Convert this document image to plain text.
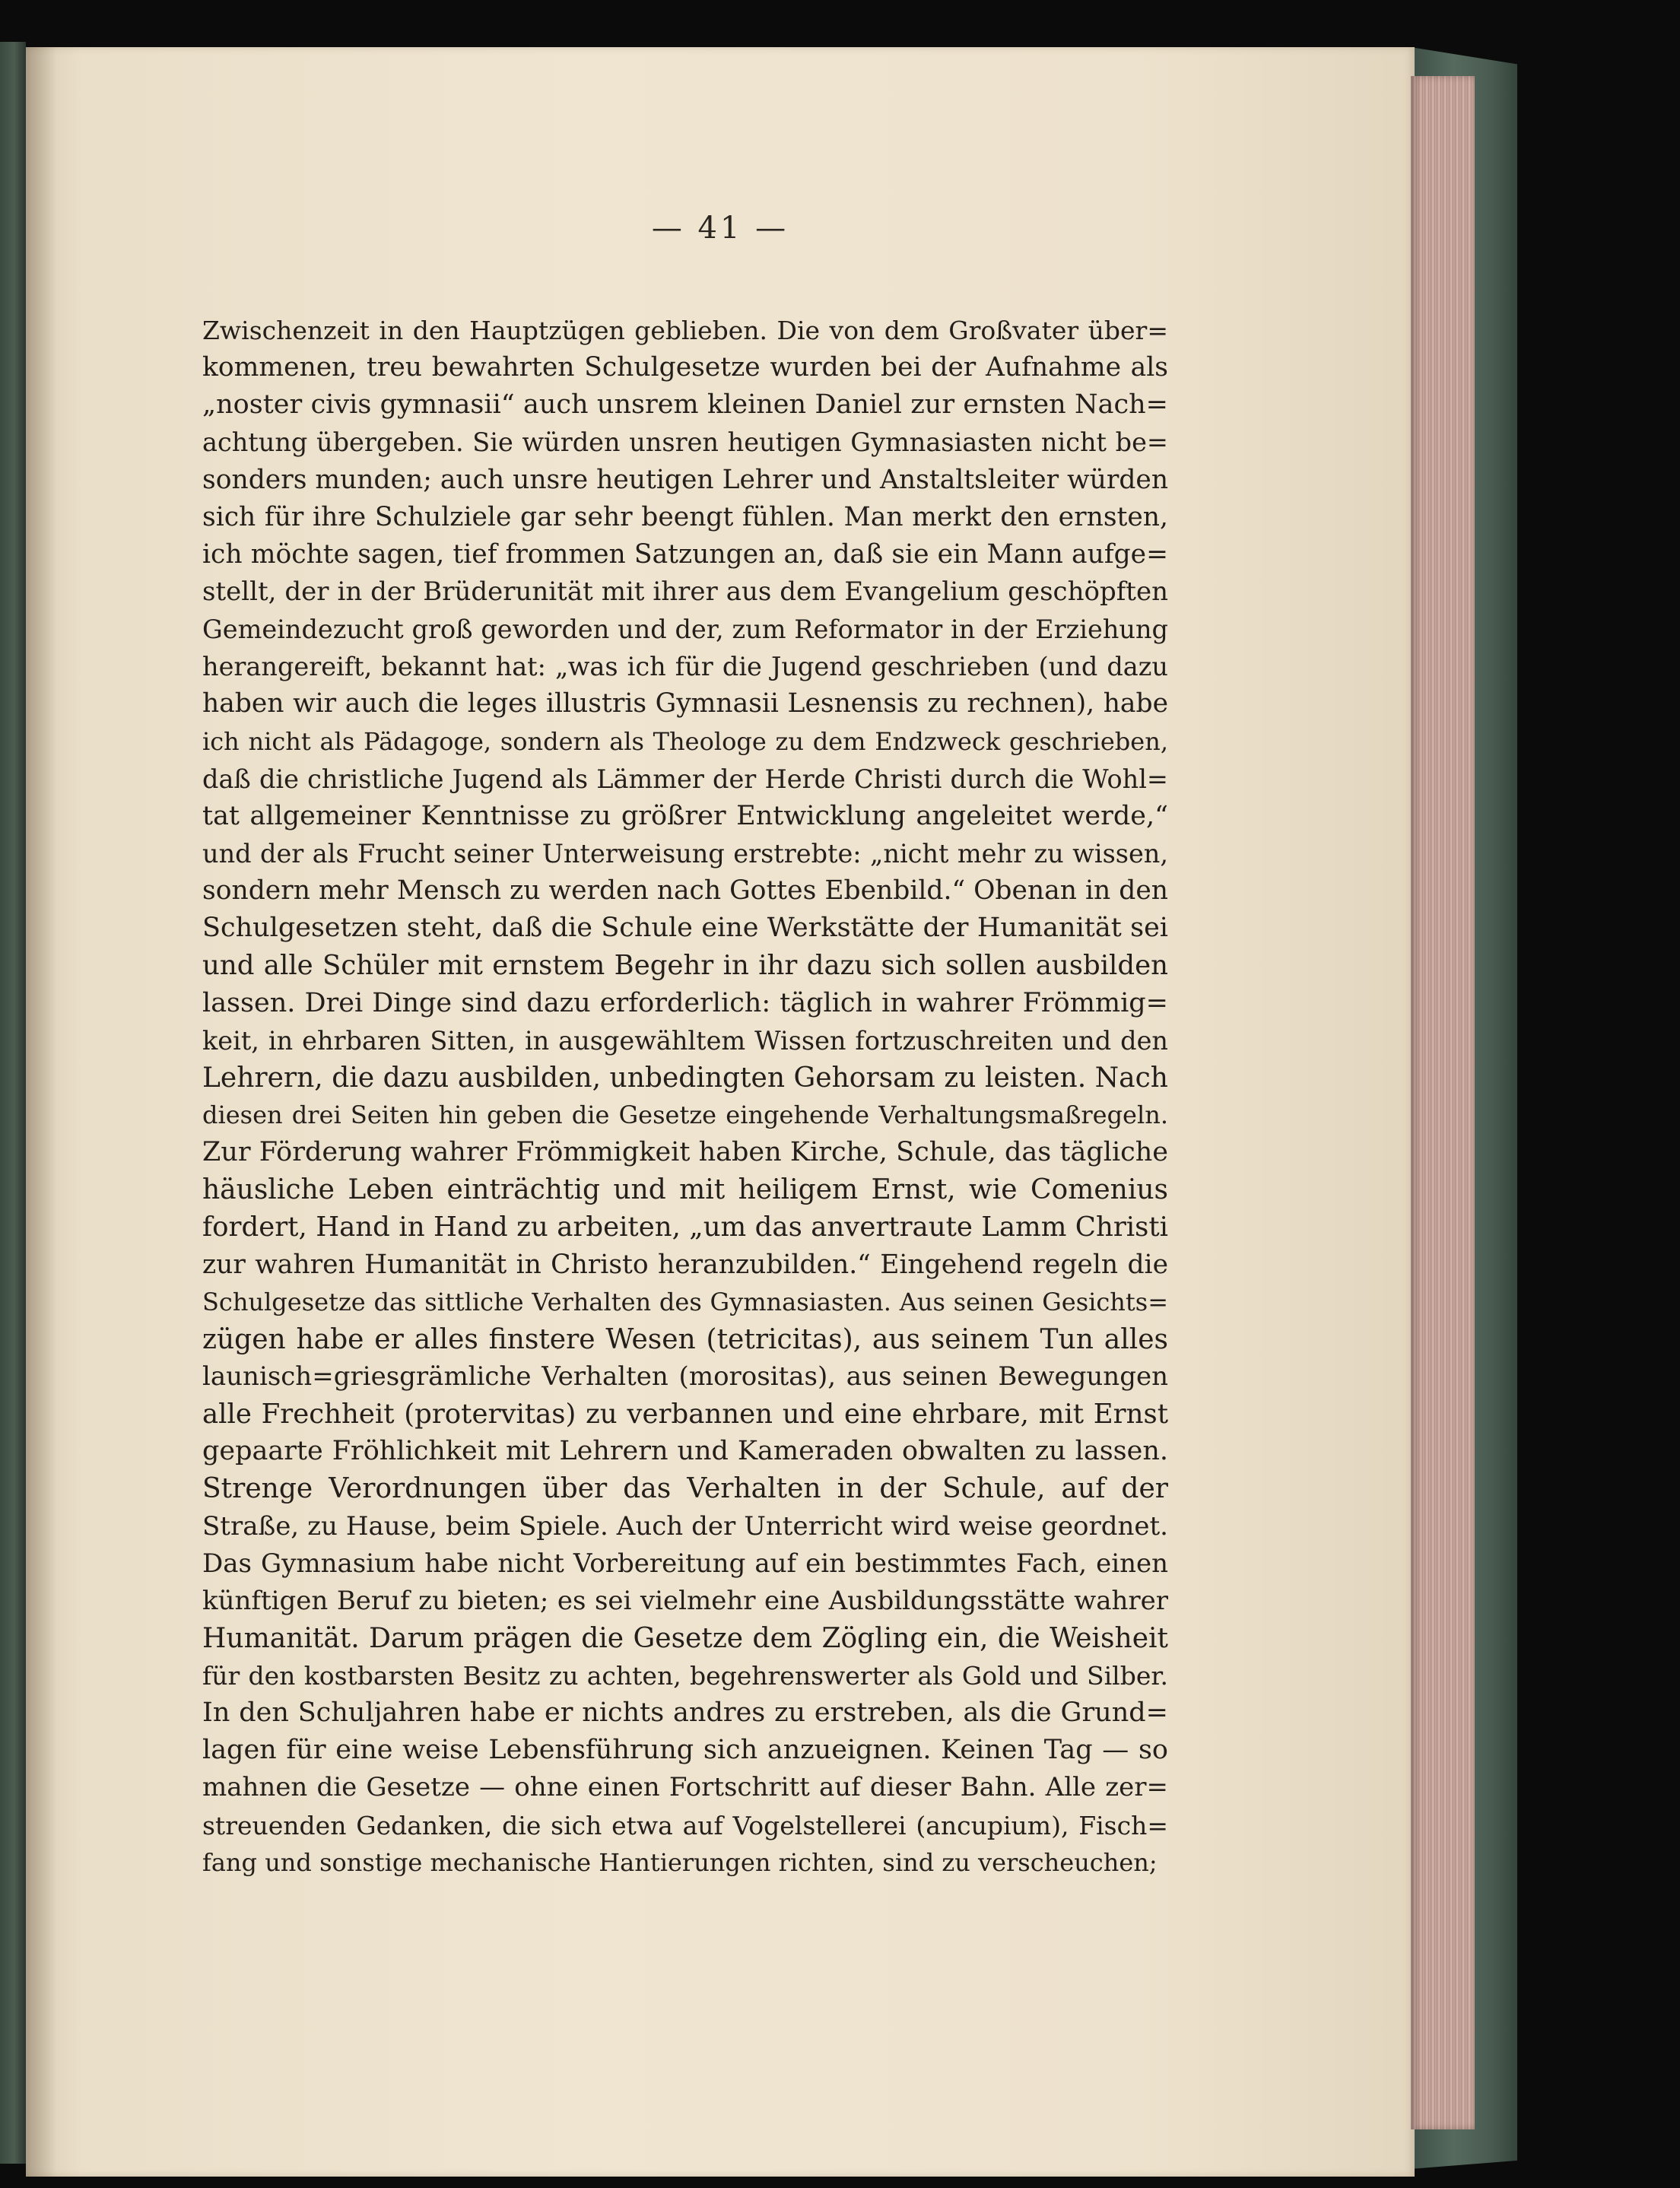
— 41 —
Zwischenzeit in den Hauptzügen geblieben. Die von dem Großvater über=
kommenen, treu bewahrten Schulgesetze wurden bei der Aufnahme als
„noster civis gymnasii“ auch unsrem kleinen Daniel zur ernsten Nach=
achtung übergeben. Sie würden unsren heutigen Gymnasiasten nicht be=
sonders munden; auch unsre heutigen Lehrer und Anstaltsleiter würden
sich für ihre Schulziele gar sehr beengt fühlen. Man merkt den ernsten,
ich möchte sagen, tief frommen Satzungen an, daß sie ein Mann aufge=
stellt, der in der Brüderunität mit ihrer aus dem Evangelium geschöpften
Gemeindezucht groß geworden und der, zum Reformator in der Erziehung
herangereift, bekannt hat: „was ich für die Jugend geschrieben (und dazu
haben wir auch die leges illustris Gymnasii Lesnensis zu rechnen), habe
ich nicht als Pädagoge, sondern als Theologe zu dem Endzweck geschrieben,
daß die christliche Jugend als Lämmer der Herde Christi durch die Wohl=
tat allgemeiner Kenntnisse zu größrer Entwicklung angeleitet werde,“
und der als Frucht seiner Unterweisung erstrebte: „nicht mehr zu wissen,
sondern mehr Mensch zu werden nach Gottes Ebenbild.“ Obenan in den
Schulgesetzen steht, daß die Schule eine Werkstätte der Humanität sei
und alle Schüler mit ernstem Begehr in ihr dazu sich sollen ausbilden
lassen. Drei Dinge sind dazu erforderlich: täglich in wahrer Frömmig=
keit, in ehrbaren Sitten, in ausgewähltem Wissen fortzuschreiten und den
Lehrern, die dazu ausbilden, unbedingten Gehorsam zu leisten. Nach
diesen drei Seiten hin geben die Gesetze eingehende Verhaltungsmaßregeln.
Zur Förderung wahrer Frömmigkeit haben Kirche, Schule, das tägliche
häusliche Leben einträchtig und mit heiligem Ernst, wie Comenius
fordert, Hand in Hand zu arbeiten, „um das anvertraute Lamm Christi
zur wahren Humanität in Christo heranzubilden.“ Eingehend regeln die
Schulgesetze das sittliche Verhalten des Gymnasiasten. Aus seinen Gesichts=
zügen habe er alles finstere Wesen (tetricitas), aus seinem Tun alles
launisch=griesgrämliche Verhalten (morositas), aus seinen Bewegungen
alle Frechheit (protervitas) zu verbannen und eine ehrbare, mit Ernst
gepaarte Fröhlichkeit mit Lehrern und Kameraden obwalten zu lassen.
Strenge Verordnungen über das Verhalten in der Schule, auf der
Straße, zu Hause, beim Spiele. Auch der Unterricht wird weise geordnet.
Das Gymnasium habe nicht Vorbereitung auf ein bestimmtes Fach, einen
künftigen Beruf zu bieten; es sei vielmehr eine Ausbildungsstätte wahrer
Humanität. Darum prägen die Gesetze dem Zögling ein, die Weisheit
für den kostbarsten Besitz zu achten, begehrenswerter als Gold und Silber.
In den Schuljahren habe er nichts andres zu erstreben, als die Grund=
lagen für eine weise Lebensführung sich anzueignen. Keinen Tag — so
mahnen die Gesetze — ohne einen Fortschritt auf dieser Bahn. Alle zer=
streuenden Gedanken, die sich etwa auf Vogelstellerei (ancupium), Fisch=
fang und sonstige mechanische Hantierungen richten, sind zu verscheuchen;
